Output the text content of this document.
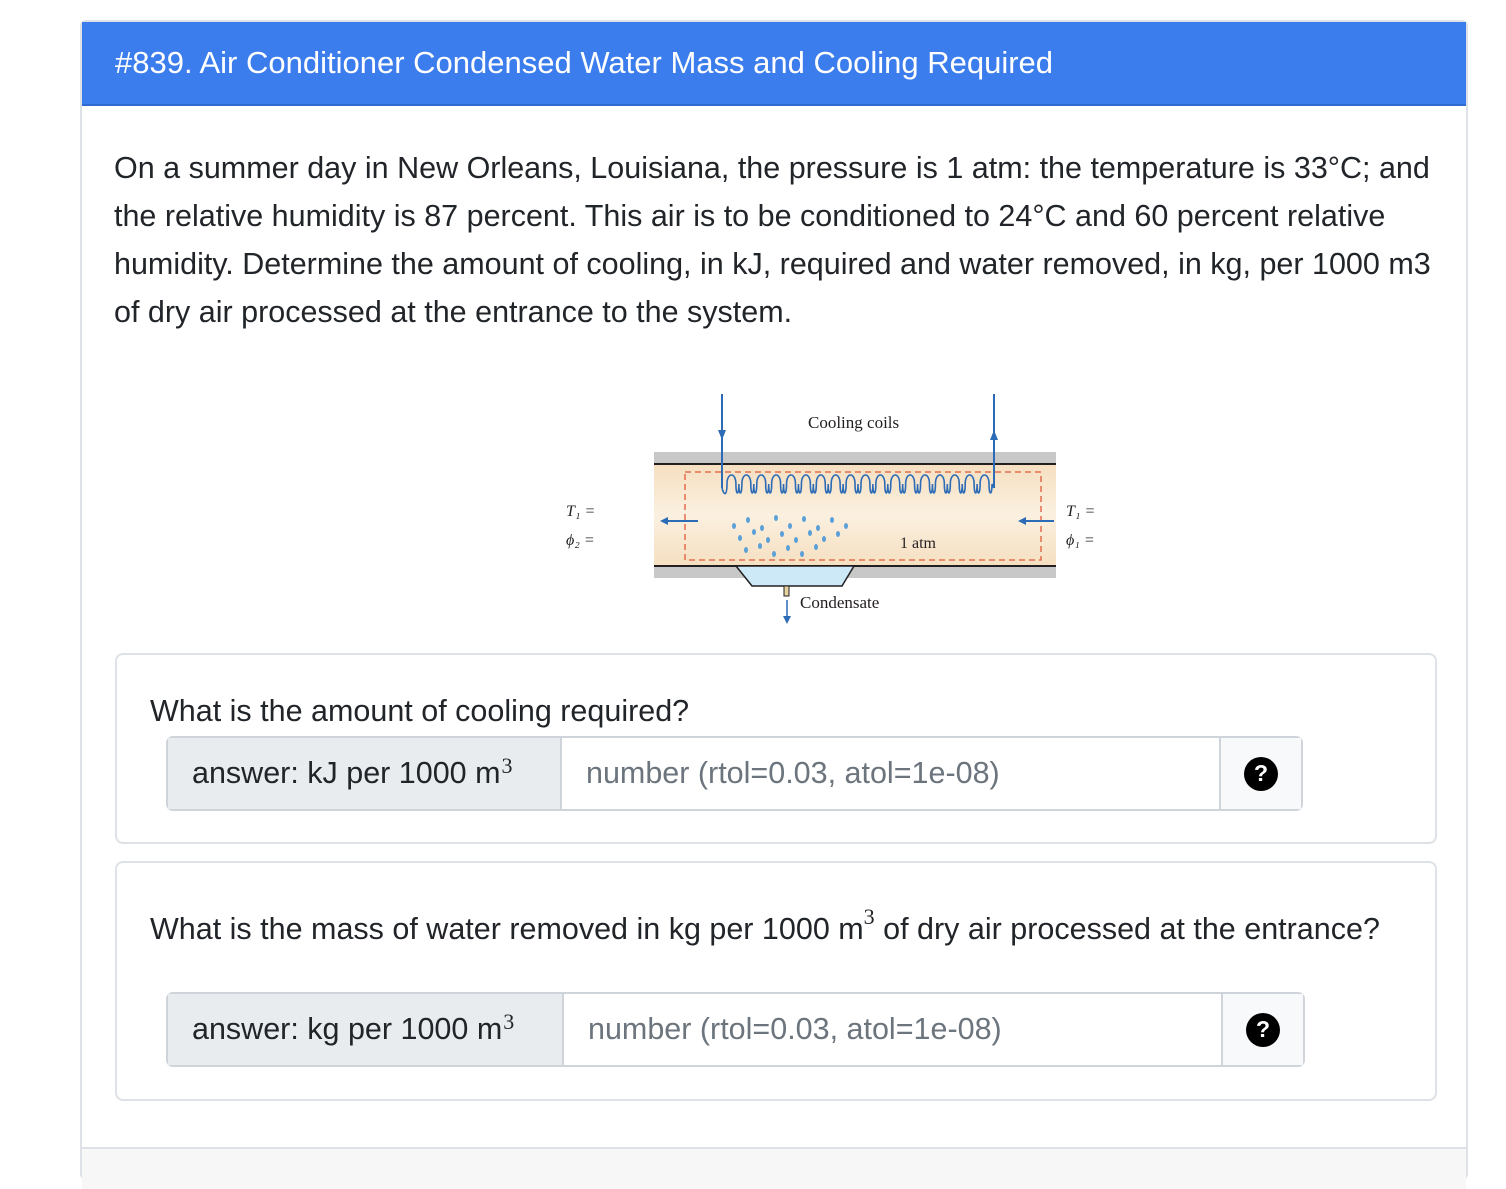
#839. Air Conditioner Condensed Water Mass and Cooling Required

On a summer day in New Orleans, Louisiana, the pressure is 1 atm: the temperature is 33°C; and the relative humidity is 87 percent. This air is to be conditioned to 24°C and 60 percent relative humidity. Determine the amount of cooling, in kJ, required and water removed, in kg, per 1000 m3 of dry air processed at the entrance to the system.

Cooling coils
1 atm
Condensate
T₁ =
ϕ₂ =
T₁ =
ϕ₁ =
What is the amount of cooling required?
answer: kJ per 1000 $m^3$
number (rtol=0.03, atol=1e-08)	?
What is the mass of water removed in kg per 1000 $m^3$ of dry air processed at the entrance?
answer: kg per 1000 $m^3$
number (rtol=0.03, atol=1e-08)	?
